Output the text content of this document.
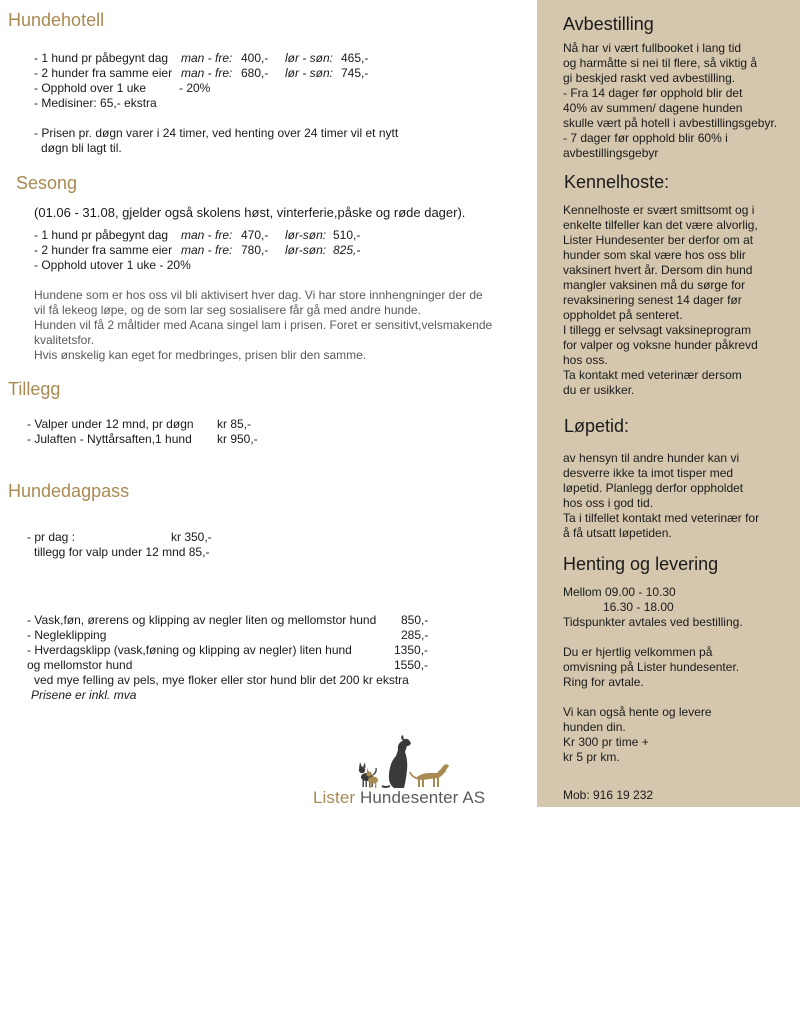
Hundehotell
- 1 hund pr påbegynt dag man - fre: 400,- lør - søn: 465,-
- 2 hunder fra samme eier man - fre: 680,- lør - søn: 745,-
- Opphold over 1 uke	- 20%
- Medisiner: 65,- ekstra
- Prisen pr. døgn varer i 24 timer, ved henting over 24 timer vil et nytt
døgn bli lagt til.
Sesong
(01.06 - 31.08, gjelder også skolens høst, vinterferie,påske og røde dager).
- 1 hund pr påbegynt dag man - fre: 470,- lør-søn: 510,-
- 2 hunder fra samme eier man - fre: 780,- lør-søn: 825,-
- Opphold utover 1 uke - 20%
Hundene som er hos oss vil bli aktivisert hver dag. Vi har store innhengninger der de
vil få lekeog løpe, og de som lar seg sosialisere får gå med andre hunde.
Hunden vil få 2 måltider med Acana singel lam i prisen. Foret er sensitivt,velsmakende
kvalitetsfor.
Hvis ønskelig kan eget for medbringes, prisen blir den samme.
Tillegg
- Valper under 12 mnd, pr døgn kr 85,-
- Julaften - Nyttårsaften,1 hund kr 950,-
Hundedagpass
- pr dag :	kr 350,-
tillegg for valp under 12 mnd 85,-
- Vask,føn, ørerens og klipping av negler liten og mellomstor hund 850,-
- Negleklipping	285,-
- Hverdagsklipp (vask,føning og klipping av negler) liten hund	1350,-
og mellomstor hund	1550,-
ved mye felling av pels, mye floker eller stor hund blir det 200 kr ekstra
Prisene er inkl. mva
Lister Hundesenter AS
Avbestilling
Nå har vi vært fullbooket i lang tid
og harmåtte si nei til flere, så viktig å
gi beskjed raskt ved avbestilling.
- Fra 14 dager før opphold blir det
40% av summen/ dagene hunden
skulle vært på hotell i avbestillingsgebyr.
- 7 dager før opphold blir 60% i
avbestillingsgebyr
Kennelhoste:
Kennelhoste er svært smittsomt og i
enkelte tilfeller kan det være alvorlig,
Lister Hundesenter ber derfor om at
hunder som skal være hos oss blir
vaksinert hvert år. Dersom din hund
mangler vaksinen må du sørge for
revaksinering senest 14 dager før
oppholdet på senteret.
I tillegg er selvsagt vaksineprogram
for valper og voksne hunder påkrevd
hos oss.
Ta kontakt med veterinær dersom
du er usikker.
Løpetid:
av hensyn til andre hunder kan vi
desverre ikke ta imot tisper med
løpetid. Planlegg derfor oppholdet
hos oss i god tid.
Ta i tilfellet kontakt med veterinær for
å få utsatt løpetiden.
Henting og levering
Mellom 09.00 - 10.30
16.30 - 18.00
Tidspunkter avtales ved bestilling.
Du er hjertlig velkommen på
omvisning på Lister hundesenter.
Ring for avtale.
Vi kan også hente og levere
hunden din.
Kr 300 pr time +
kr 5 pr km.
Mob: 916 19 232
